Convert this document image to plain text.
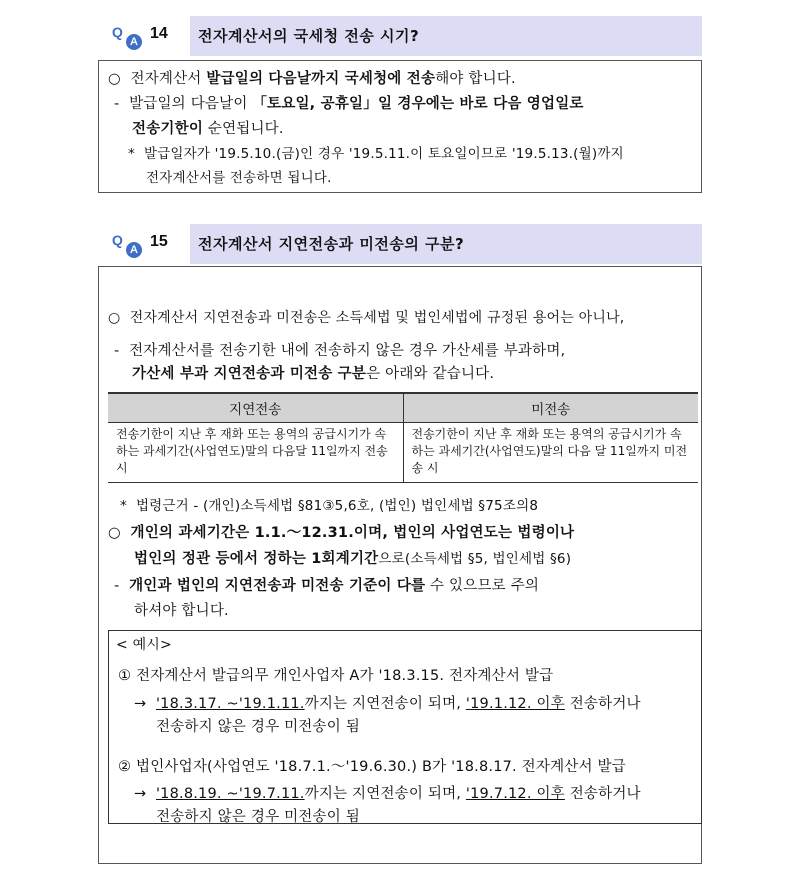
Q
A 14 전자계산서의 국세청 전송 시기?
○ 전자계산서 발급일의 다음날까지 국세청에 전송해야 합니다.
- 발급일의 다음날이 「토요일, 공휴일」일 경우에는 바로 다음 영업일로
전송기한이 순연됩니다.
* 발급일자가 '19.5.10.(금)인 경우 '19.5.11.이 토요일이므로 '19.5.13.(월)까지
전자계산서를 전송하면 됩니다.
Q
A 15 전자계산서 지연전송과 미전송의 구분?
○  전자계산서 지연전송과 미전송은 소득세법 및 법인세법에 규정된 용어는 아니나,
-  전자계산서를 전송기한 내에 전송하지 않은 경우 가산세를 부과하며,
가산세 부과 지연전송과 미전송 구분은 아래와 같습니다.
지연전송	미전송
전송기한이 지난 후 재화 또는 용역의 공급시기가 속하는 과세기간(사업연도)말의 다음달 11일까지 전송 시	전송기한이 지난 후 재화 또는 용역의 공급시기가 속하는 과세기간(사업연도)말의 다음 달 11일까지 미전송 시
*  법령근거 - (개인)소득세법 §81③5,6호, (법인) 법인세법 §75조의8
○  개인의 과세기간은 1.1.～12.31.이며, 법인의 사업연도는 법령이나
법인의 정관 등에서 정하는 1회계기간으로(소득세법 §5, 법인세법 §6)
-  개인과 법인의 지연전송과 미전송 기준이 다를 수 있으므로 주의
하셔야 합니다.
< 예시>
① 전자계산서 발급의무 개인사업자 A가 '18.3.15. 전자계산서 발급
→  '18.3.17. ~'19.1.11.까지는 지연전송이 되며, '19.1.12. 이후 전송하거나
전송하지 않은 경우 미전송이 됨
② 법인사업자(사업연도 '18.7.1.～'19.6.30.) B가 '18.8.17. 전자계산서 발급
→  '18.8.19. ~'19.7.11.까지는 지연전송이 되며, '19.7.12. 이후 전송하거나
전송하지 않은 경우 미전송이 됨
